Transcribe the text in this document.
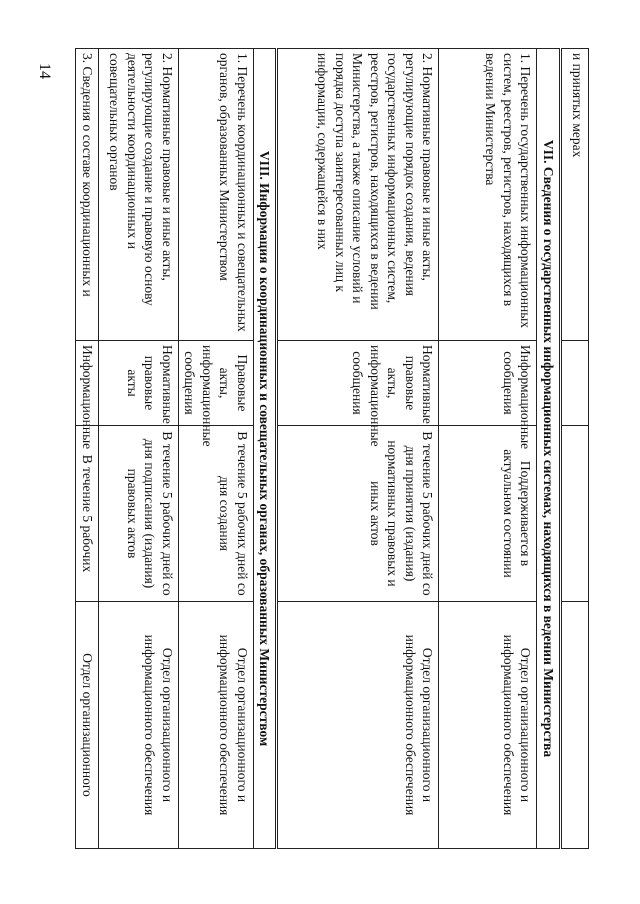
14	и принятых мерах			
VII. Сведения о государственных информационных системах, находящихся в ведении Министерства			
1. Перечень государственных информационных систем, реестров, регистров, находящихся в ведении Министерства	Информационные сообщения	Поддерживается в актуальном состоянии	Отдел организационного и информационного обеспечения
2. Нормативные правовые и иные акты, регулирующие порядок создания, ведения государственных информационных систем, реестров, регистров, находящихся в ведении Министерства, а также описание условий и порядка доступа заинтересованных лиц к информации, содержащейся в них	Нормативные правовые акты, информационные сообщения	В течение 5 рабочих дней со дня принятия (издания) нормативных правовых и иных актов	Отдел организационного и информационного обеспечения
VIII. Информация о координационных и совещательных органах, образованных Министерством			
1. Перечень координационных и совещательных органов, образованных Министерством	Правовые акты, информационные сообщения	В течение 5 рабочих дней со дня создания	Отдел организационного и информационного обеспечения
2. Нормативные правовые и иные акты, регулирующие создание и правовую основу деятельности координационных и совещательных органов	Нормативные правовые акты	В течение 5 рабочих дней со дня подписания (издания) правовых актов	Отдел организационного и информационного обеспечения
3. Сведения о составе координационных и	Информационные	В течение 5 рабочих	Отдел организационного
